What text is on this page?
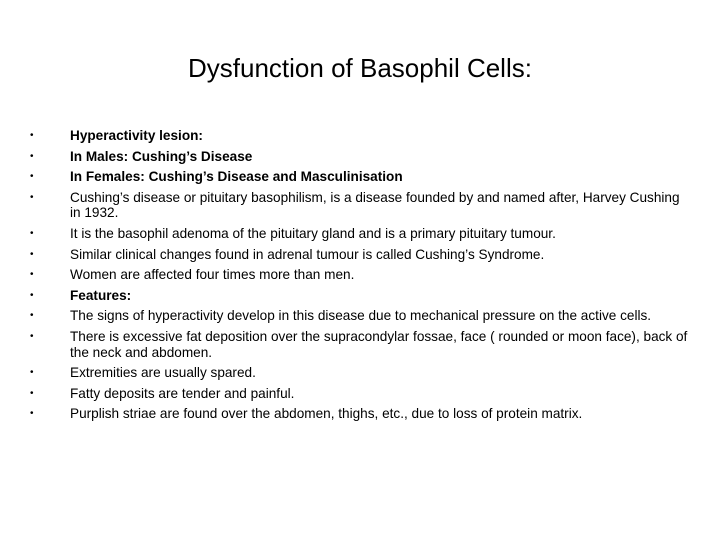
Dysfunction of Basophil Cells:
•	Hyperactivity lesion:
•	In Males: Cushing’s Disease
•	In Females: Cushing’s Disease and Masculinisation
•	Cushing’s disease or pituitary basophilism, is a disease founded by and named after, Harvey Cushing in 1932.
•	It is the basophil adenoma of the pituitary gland and is a primary pituitary tumour.
•	Similar clinical changes found in adrenal tumour is called Cushing’s Syndrome.
•	Women are affected four times more than men.
•	Features:
•	The signs of hyperactivity develop in this disease due to mechanical pressure on the active cells.
•	There is excessive fat deposition over the supracondylar fossae, face ( rounded or moon face), back of the neck and abdomen.
•	Extremities are usually spared.
•	Fatty deposits are tender and painful.
•	Purplish striae are found over the abdomen, thighs, etc., due to loss of protein matrix.
